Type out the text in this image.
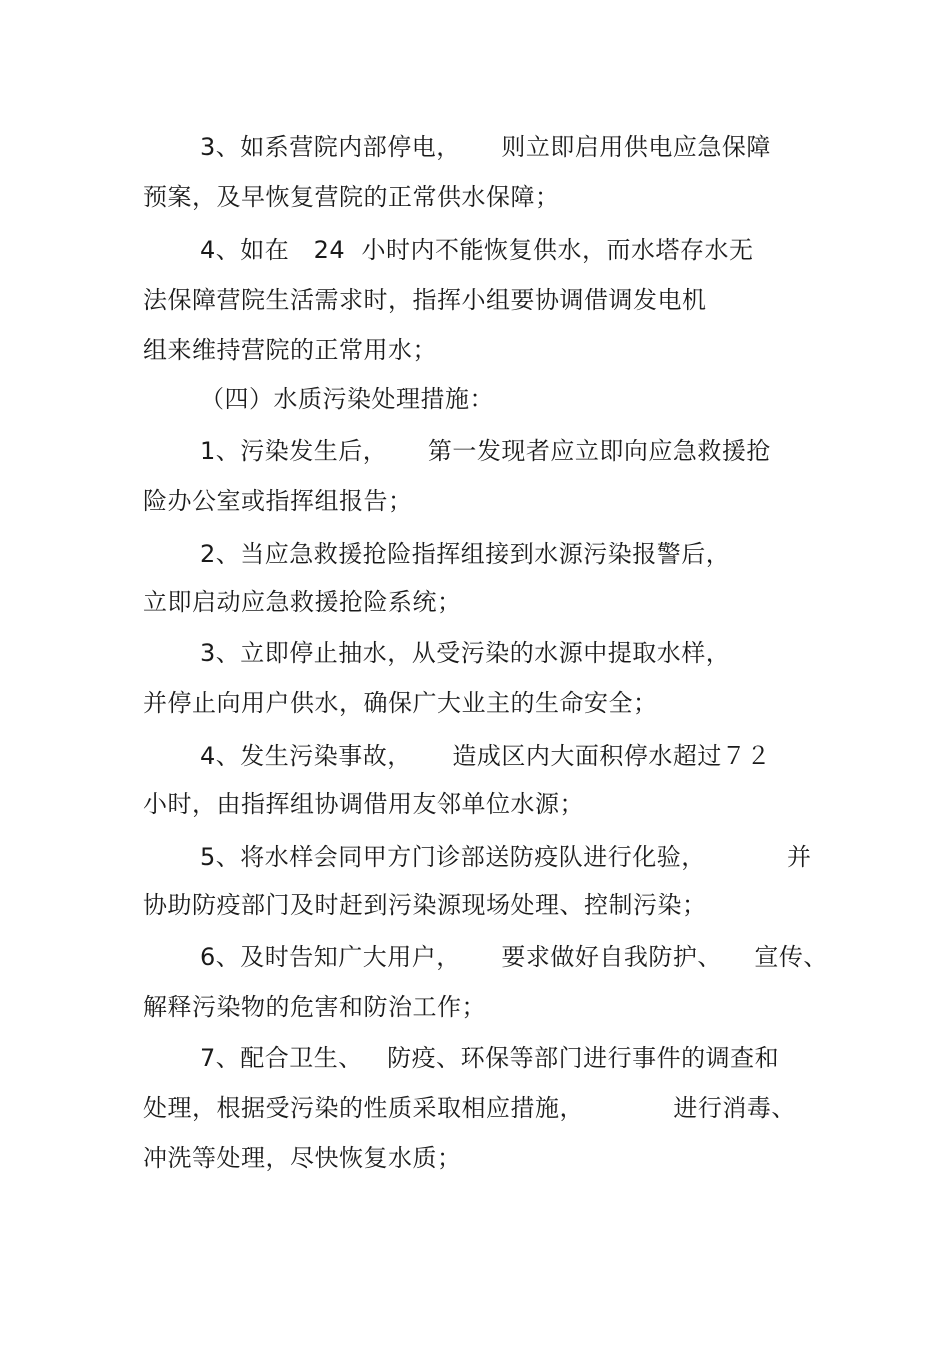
3、如系营院内部停电，     则立即启用供电应急保障
预案，及早恢复营院的正常供水保障；
4、如在   24  小时内不能恢复供水，而水塔存水无
法保障营院生活需求时，指挥小组要协调借调发电机
组来维持营院的正常用水；
（四）水质污染处理措施：
1、污染发生后，     第一发现者应立即向应急救援抢
险办公室或指挥组报告；
2、当应急救援抢险指挥组接到水源污染报警后，
立即启动应急救援抢险系统；
3、立即停止抽水，从受污染的水源中提取水样，
并停止向用户供水，确保广大业主的生命安全；
4、发生污染事故，     造成区内大面积停水超过７２
小时，由指挥组协调借用友邻单位水源；
5、将水样会同甲方门诊部送防疫队进行化验，          并
协助防疫部门及时赶到污染源现场处理、控制污染；
6、及时告知广大用户，     要求做好自我防护、    宣传、
解释污染物的危害和防治工作；
7、配合卫生、   防疫、环保等部门进行事件的调查和
处理，根据受污染的性质采取相应措施，           进行消毒、
冲洗等处理，尽快恢复水质；
